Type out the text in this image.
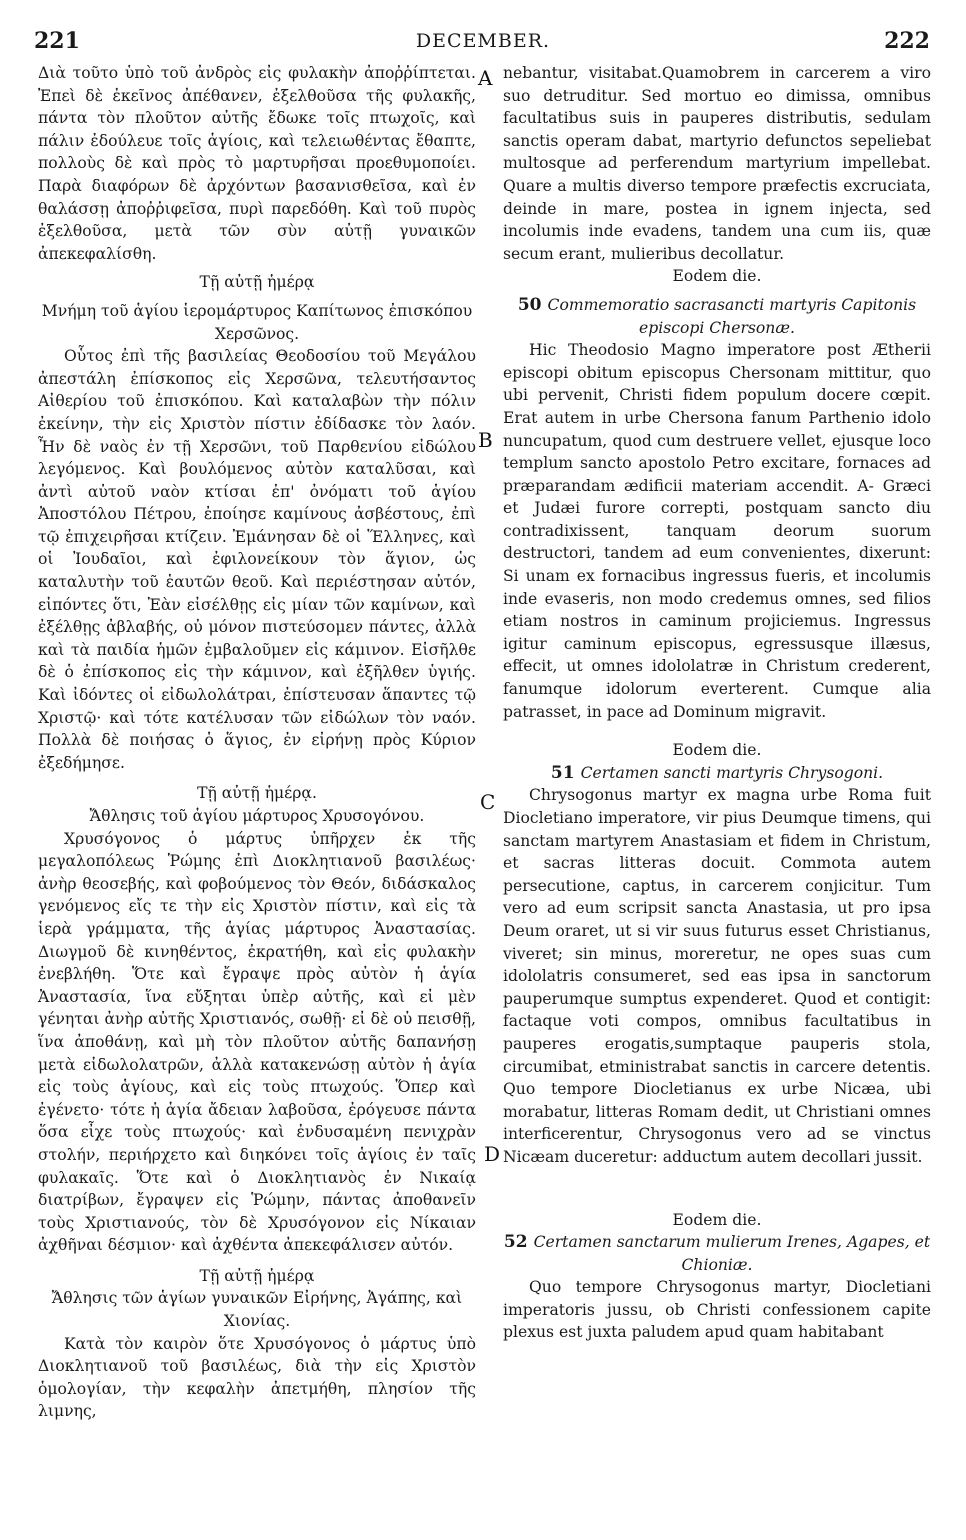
221	DECEMBER.	222
A
B
C
D

Διὰ τοῦτο ὑπὸ τοῦ ἀνδρὸς εἰς φυλακὴν ἀποῤῥίπτεται. Ἐπεὶ δὲ ἐκεῖνος ἀπέθανεν, ἐξελθοῦσα τῆς φυλακῆς, πάντα τὸν πλοῦτον αὐτῆς ἔδωκε τοῖς πτωχοῖς, καὶ πάλιν ἐδούλευε τοῖς ἁγίοις, καὶ τελειωθέντας ἔθαπτε, πολλοὺς δὲ καὶ πρὸς τὸ μαρτυρῆσαι προεθυμοποίει. Παρὰ διαφόρων δὲ ἀρχόντων βασανισθεῖσα, καὶ ἐν θαλάσσῃ ἀποῤῥιφεῖσα, πυρὶ παρεδόθη. Καὶ τοῦ πυρὸς ἐξελθοῦσα, μετὰ τῶν σὺν αὐτῇ γυναικῶν ἀπεκεφαλίσθη.

Τῇ αὐτῇ ἡμέρᾳ

Μνήμη τοῦ ἁγίου ἱερομάρτυρος Καπίτωνος ἐπισκόπου Χερσῶνος.

Οὗτος ἐπὶ τῆς βασιλείας Θεοδοσίου τοῦ Μεγάλου ἀπεστάλη ἐπίσκοπος εἰς Χερσῶνα, τελευτήσαντος Αἰθερίου τοῦ ἐπισκόπου. Καὶ καταλαβὼν τὴν πόλιν ἐκείνην, τὴν εἰς Χριστὸν πίστιν ἐδίδασκε τὸν λαόν. Ἦν δὲ ναὸς ἐν τῇ Χερσῶνι, τοῦ Παρθενίου εἰδώλου λεγόμενος. Καὶ βουλόμενος αὐτὸν καταλῦσαι, καὶ ἀντὶ αὐτοῦ ναὸν κτίσαι ἐπ' ὀνόματι τοῦ ἁγίου Ἀποστόλου Πέτρου, ἐποίησε καμίνους ἀσβέστους, ἐπὶ τῷ ἐπιχειρῆσαι κτίζειν. Ἐμάνησαν δὲ οἱ Ἕλληνες, καὶ οἱ Ἰουδαῖοι, καὶ ἐφιλονείκουν τὸν ἅγιον, ὡς καταλυτὴν τοῦ ἑαυτῶν θεοῦ. Καὶ περιέστησαν αὐτόν, εἰπόντες ὅτι, Ἐὰν εἰσέλθῃς εἰς μίαν τῶν καμίνων, καὶ ἐξέλθῃς ἀβλαβής, οὐ μόνον πιστεύσομεν πάντες, ἀλλὰ καὶ τὰ παιδία ἡμῶν ἐμβαλοῦμεν εἰς κάμινον. Εἰσῆλθε δὲ ὁ ἐπίσκοπος εἰς τὴν κάμινον, καὶ ἐξῆλθεν ὑγιής. Καὶ ἰδόντες οἱ εἰδωλολάτραι, ἐπίστευσαν ἅπαντες τῷ Χριστῷ· καὶ τότε κατέλυσαν τῶν εἰδώλων τὸν ναόν. Πολλὰ δὲ ποιήσας ὁ ἅγιος, ἐν εἰρήνῃ πρὸς Κύριον ἐξεδήμησε.

Τῇ αὐτῇ ἡμέρᾳ.

Ἄθλησις τοῦ ἁγίου μάρτυρος Χρυσογόνου.

Χρυσόγονος ὁ μάρτυς ὑπῆρχεν ἐκ τῆς μεγαλοπόλεως Ῥώμης ἐπὶ Διοκλητιανοῦ βασιλέως· ἀνὴρ θεοσεβής, καὶ φοβούμενος τὸν Θεόν, διδάσκαλος γενόμενος εἴς τε τὴν εἰς Χριστὸν πίστιν, καὶ εἰς τὰ ἱερὰ γράμματα, τῆς ἁγίας μάρτυρος Ἀναστασίας. Διωγμοῦ δὲ κινηθέντος, ἐκρατήθη, καὶ εἰς φυλακὴν ἐνεβλήθη. Ὅτε καὶ ἔγραψε πρὸς αὐτὸν ἡ ἁγία Ἀναστασία, ἵνα εὔξηται ὑπὲρ αὐτῆς, καὶ εἰ μὲν γένηται ἀνὴρ αὐτῆς Χριστιανός, σωθῇ· εἰ δὲ οὐ πεισθῇ, ἵνα ἀποθάνῃ, καὶ μὴ τὸν πλοῦτον αὐτῆς δαπανήσῃ μετὰ εἰδωλολατρῶν, ἀλλὰ κατακενώσῃ αὐτὸν ἡ ἁγία εἰς τοὺς ἁγίους, καὶ εἰς τοὺς πτωχούς. Ὅπερ καὶ ἐγένετο· τότε ἡ ἁγία ἄδειαν λαβοῦσα, ἐρόγευσε πάντα ὅσα εἶχε τοὺς πτωχούς· καὶ ἐνδυσαμένη πενιχρὰν στολήν, περιήρχετο καὶ διηκόνει τοῖς ἁγίοις ἐν ταῖς φυλακαῖς. Ὅτε καὶ ὁ Διοκλητιανὸς ἐν Νικαίᾳ διατρίβων, ἔγραψεν εἰς Ῥώμην, πάντας ἀποθανεῖν τοὺς Χριστιανούς, τὸν δὲ Χρυσόγονον εἰς Νίκαιαν ἀχθῆναι δέσμιον· καὶ ἀχθέντα ἀπεκεφάλισεν αὐτόν.

Τῇ αὐτῇ ἡμέρᾳ

Ἄθλησις τῶν ἁγίων γυναικῶν Εἰρήνης, Ἀγάπης, καὶ Χιονίας.

Κατὰ τὸν καιρὸν ὅτε Χρυσόγονος ὁ μάρτυς ὑπὸ Διοκλητιανοῦ τοῦ βασιλέως, διὰ τὴν εἰς Χριστὸν ὁμολογίαν, τὴν κεφαλὴν ἀπετμήθη, πλησίον τῆς λιμνης,

nebantur, visitabat.Quamobrem in carcerem a viro suo detruditur. Sed mortuo eo dimissa, omnibus facultatibus suis in pauperes distributis, sedulam sanctis operam dabat, martyrio defunctos sepeliebat multosque ad perferendum martyrium impellebat. Quare a multis diverso tempore præfectis excruciata, deinde in mare, postea in ignem injecta, sed incolumis inde evadens, tandem una cum iis, quæ secum erant, mulieribus decollatur.

Eodem die.

50 Commemoratio sacrasancti martyris Capitonis episcopi Chersonæ.

Hic Theodosio Magno imperatore post Ætherii episcopi obitum episcopus Chersonam mittitur, quo ubi pervenit, Christi fidem populum docere cœpit. Erat autem in urbe Chersona fanum Parthenio idolo nuncupatum, quod cum destruere vellet, ejusque loco templum sancto apostolo Petro excitare, fornaces ad præparandam ædificii materiam accendit. A- Græci et Judæi furore correpti, postquam sancto diu contradixissent, tanquam deorum suorum destructori, tandem ad eum convenientes, dixerunt: Si unam ex fornacibus ingressus fueris, et incolumis inde evaseris, non modo credemus omnes, sed filios etiam nostros in caminum projiciemus. Ingressus igitur caminum episcopus, egressusque illæsus, effecit, ut omnes idololatræ in Christum crederent, fanumque idolorum everterent. Cumque alia patrasset, in pace ad Dominum migravit.

Eodem die.

51 Certamen sancti martyris Chrysogoni.

Chrysogonus martyr ex magna urbe Roma fuit Diocletiano imperatore, vir pius Deumque timens, qui sanctam martyrem Anastasiam et fidem in Christum, et sacras litteras docuit. Commota autem persecutione, captus, in carcerem conjicitur. Tum vero ad eum scripsit sancta Anastasia, ut pro ipsa Deum oraret, ut si vir suus futurus esset Christianus, viveret; sin minus, moreretur, ne opes suas cum idololatris consumeret, sed eas ipsa in sanctorum pauperumque sumptus expenderet. Quod et contigit: factaque voti compos, omnibus facultatibus in pauperes erogatis,sumptaque pauperis stola, circumibat, etministrabat sanctis in carcere detentis. Quo tempore Diocletianus ex urbe Nicæa, ubi morabatur, litteras Romam dedit, ut Christiani omnes interficerentur, Chrysogonus vero ad se vinctus Nicæam duceretur: adductum autem decollari jussit.

Eodem die.

52 Certamen sanctarum mulierum Irenes, Agapes, et Chioniæ.

Quo tempore Chrysogonus martyr, Diocletiani imperatoris jussu, ob Christi confessionem capite plexus est juxta paludem apud quam habitabant
